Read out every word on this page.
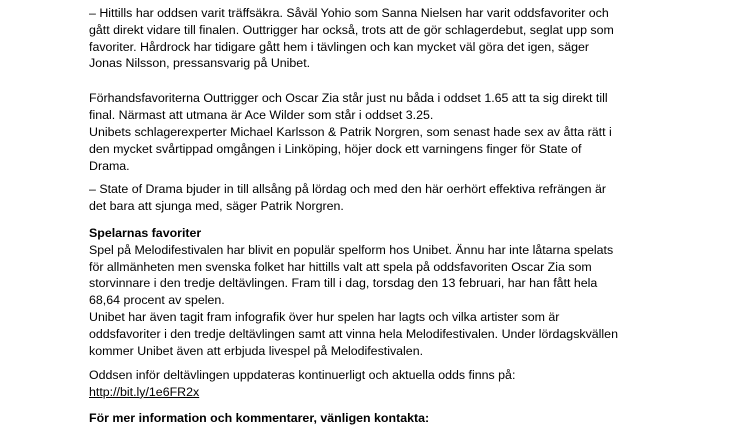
– Hittills har oddsen varit träffsäkra. Såväl Yohio som Sanna Nielsen har varit oddsfavoriter och
gått direkt vidare till finalen. Outtrigger har också, trots att de gör schlagerdebut, seglat upp som
favoriter. Hårdrock har tidigare gått hem i tävlingen och kan mycket väl göra det igen, säger
Jonas Nilsson, pressansvarig på Unibet.
Förhandsfavoriterna Outtrigger och Oscar Zia står just nu båda i oddset 1.65 att ta sig direkt till
final. Närmast att utmana är Ace Wilder som står i oddset 3.25.
Unibets schlagerexperter Michael Karlsson & Patrik Norgren, som senast hade sex av åtta rätt i
den mycket svårtippad omgången i Linköping, höjer dock ett varningens finger för State of
Drama.
– State of Drama bjuder in till allsång på lördag och med den här oerhört effektiva refrängen är
det bara att sjunga med, säger Patrik Norgren.
Spelarnas favoriter
Spel på Melodifestivalen har blivit en populär spelform hos Unibet. Ännu har inte låtarna spelats
för allmänheten men svenska folket har hittills valt att spela på oddsfavoriten Oscar Zia som
storvinnare i den tredje deltävlingen. Fram till i dag, torsdag den 13 februari, har han fått hela
68,64 procent av spelen.
Unibet har även tagit fram infografik över hur spelen har lagts och vilka artister som är
oddsfavoriter i den tredje deltävlingen samt att vinna hela Melodifestivalen. Under lördagskvällen
kommer Unibet även att erbjuda livespel på Melodifestivalen.
Oddsen inför deltävlingen uppdateras kontinuerligt och aktuella odds finns på:
http://bit.ly/1e6FR2x
För mer information och kommentarer, vänligen kontakta:
